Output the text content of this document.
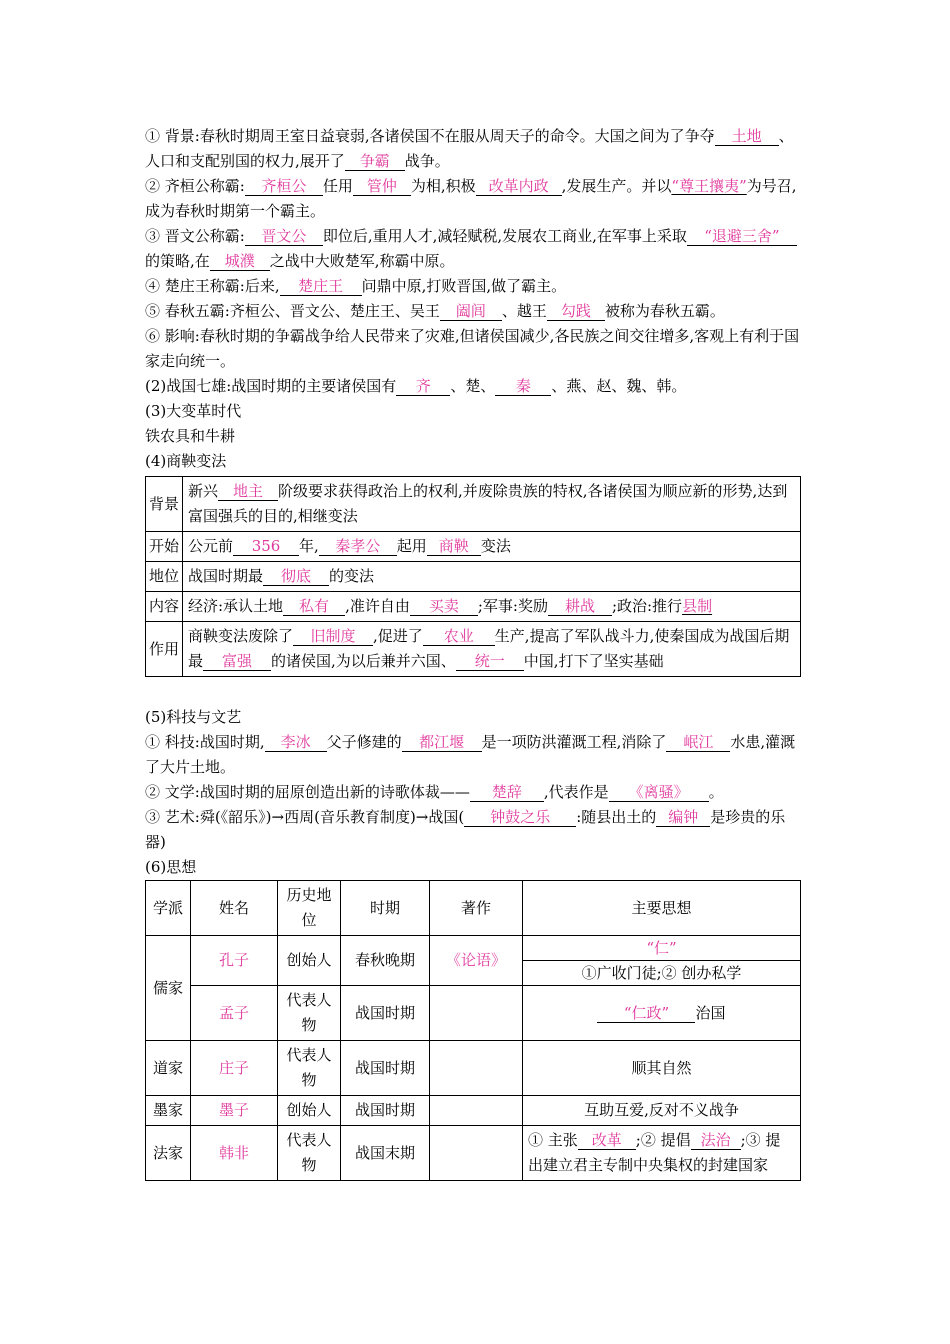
① 背景:春秋时期周王室日益衰弱,各诸侯国不在服从周天子的命令。大国之间为了争夺 土地 、人口和支配别国的权力,展开了 争霸 战争。

② 齐桓公称霸: 齐桓公 任用 管仲 为相,积极 改革内政 ,发展生产。并以“尊王攘夷”为号召,成为春秋时期第一个霸主。

③ 晋文公称霸: 晋文公 即位后,重用人才,减轻赋税,发展农工商业,在军事上采取 “退避三舍”的策略,在 城濮 之战中大败楚军,称霸中原。

④ 楚庄王称霸:后来, 楚庄王 问鼎中原,打败晋国,做了霸主。

⑤ 春秋五霸:齐桓公、晋文公、楚庄王、吴王 阖闾 、越王 勾践 被称为春秋五霸。

⑥ 影响:春秋时期的争霸战争给人民带来了灾难,但诸侯国减少,各民族之间交往增多,客观上有利于国家走向统一。

(2)战国七雄:战国时期的主要诸侯国有 齐 、楚、 秦 、燕、赵、魏、韩。

(3)大变革时代

铁农具和牛耕

(4)商鞅变法

背景	新兴 地主 阶级要求获得政治上的权利,并废除贵族的特权,各诸侯国为顺应新的形势,达到富国强兵的目的,相继变法
开始	公元前 356 年, 秦孝公 起用 商鞅 变法
地位	战国时期最 彻底 的变法
内容	经济:承认土地 私有 ,准许自由 买卖 ;军事:奖励 耕战 ;政治:推行县制
作用	商鞅变法废除了 旧制度 ,促进了 农业 生产,提高了军队战斗力,使秦国成为战国后期最 富强 的诸侯国,为以后兼并六国、 统一 中国,打下了坚实基础

(5)科技与文艺

① 科技:战国时期, 李冰 父子修建的 都江堰 是一项防洪灌溉工程,消除了 岷江 水患,灌溉了大片土地。

② 文学:战国时期的屈原创造出新的诗歌体裁—— 楚辞 ,代表作是 《离骚》 。

③ 艺术:舜(《韶乐》)→西周(音乐教育制度)→战国( 钟鼓之乐 :随县出土的 编钟 是珍贵的乐器)

(6)思想

学派	姓名	历史地位	时期	著作	主要思想
儒家	孔子	创始人	春秋晚期	《论语》	“仁”
					①广收门徒;② 创办私学
	孟子	代表人物	战国时期		“仁政” 治国
道家	庄子	代表人物	战国时期		顺其自然
墨家	墨子	创始人	战国时期		互助互爱,反对不义战争
法家	韩非	代表人物	战国末期		① 主张 改革 ;② 提倡 法治 ;③ 提出建立君主专制中央集权的封建国家
